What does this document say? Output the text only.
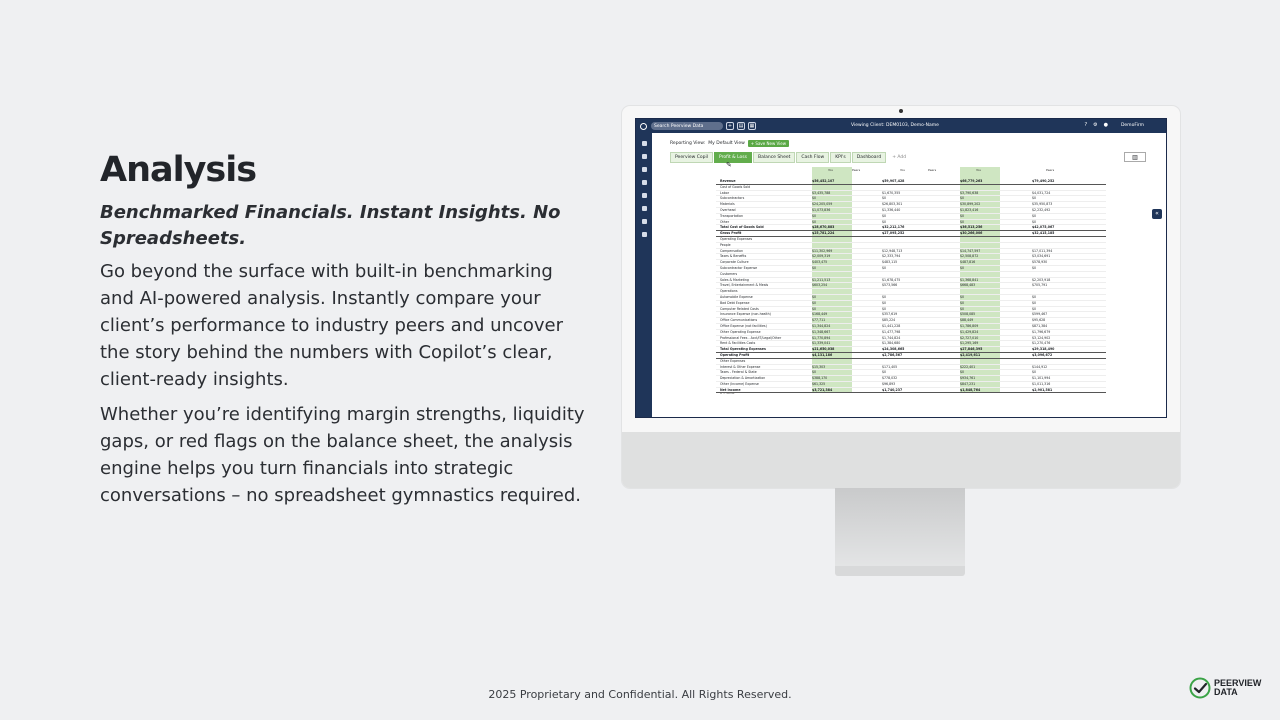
Analysis
Benchmarked Financials. Instant Insights. No Spreadsheets.

Go beyond the surface with built-in benchmarking and AI-powered analysis. Instantly compare your client’s performance to industry peers and uncover the story behind the numbers with Copilot’s clear, client-ready insights.

Whether you’re identifying margin strengths, liquidity gaps, or red flags on the balance sheet, the analysis engine helps you turn financials into strategic conversations – no spreadsheet gymnastics required.

Search Peerview Data	+	▤	▦	Viewing Client: DEM0103, Demo-Name	? ⚙ ●	DemoFirm
Reporting View: My Default View	+ Save New View
Peerview Copil	Profit & Loss	Balance Sheet	Cash Flow	KPI's	Dashboard	+ Add	▥
«
✎
You	Peers	You	Peers	You	Peers
Revenue	$56,452,107	$59,907,428	$66,779,263	$79,490,252
Cost of Goods Sold
Labor	$3,435,788	$1,670,355	$3,790,638	$4,031,724
Subcontractors	$0	$0	$0	$0
Materials	$24,205,059	$26,803,301	$30,899,202	$35,950,873
Overhead	$1,073,836	$1,336,440	$1,823,416	$2,232,492
Transportation	$0	$0	$0	$0
Other	$0	$0	$0	$0
Total Cost of Goods Sold	$28,670,883	$32,212,176	$36,513,256	$42,075,067
Gross Profit	$25,781,224	$27,095,252	$30,266,006	$32,415,185
Operating Expenses
People
Compensation	$11,302,969	$12,948,713	$14,747,597	$17,011,394
Taxes & Benefits	$2,009,319	$2,333,794	$2,508,872	$3,034,691
Corporate Culture	$403,475	$483,115	$487,816	$578,930
Subcontractor Expense	$0	$0	$0	$0
Customers
Sales & Marketing	$1,211,513	$1,678,475	$1,368,841	$2,203,918
Travel, Entertainment & Meals	$603,254	$573,566	$668,483	$705,791
Operations
Automobile Expense	$0	$0	$0	$0
Bad Debt Expense	$0	$0	$0	$0
Computer Related Costs	$0	$0	$0	$0
Insurance Expense (non-health)	$168,449	$357,619	$508,085	$599,467
Office Communications	$77,711	$85,224	$88,449	$95,628
Office Expense (not facilities)	$1,344,824	$1,441,228	$1,786,809	$871,384
Other Operating Expense	$1,348,667	$1,477,798	$1,429,824	$1,796,679
Professional Fees - Acct/IT/Legal/Other	$1,770,894	$1,744,824	$2,727,010	$3,124,902
Rent & Facilities Costs	$1,339,041	$1,384,680	$1,295,169	$1,270,476
Total Operating Expenses	$21,650,038	$24,308,665	$27,846,395	$29,318,490
Operating Profit	$4,131,186	$2,786,567	$2,419,611	$3,096,672
Other Expenses
Interest & Other Expense	$15,303	$171,405	$222,401	$144,912
Taxes - Federal & State	$0	$0	$0	$0
Depreciation & Amortization	$388,170	$778,032	$934,761	$1,101,994
Other (Income) Expense	$61,325	$96,893	$847,231	$1,011,316
Net Income	$3,721,384	$1,740,237	$1,848,764	$2,901,581
A = REAZ
2025 Proprietary and Confidential. All Rights Reserved.
PEERVIEW
DATA
